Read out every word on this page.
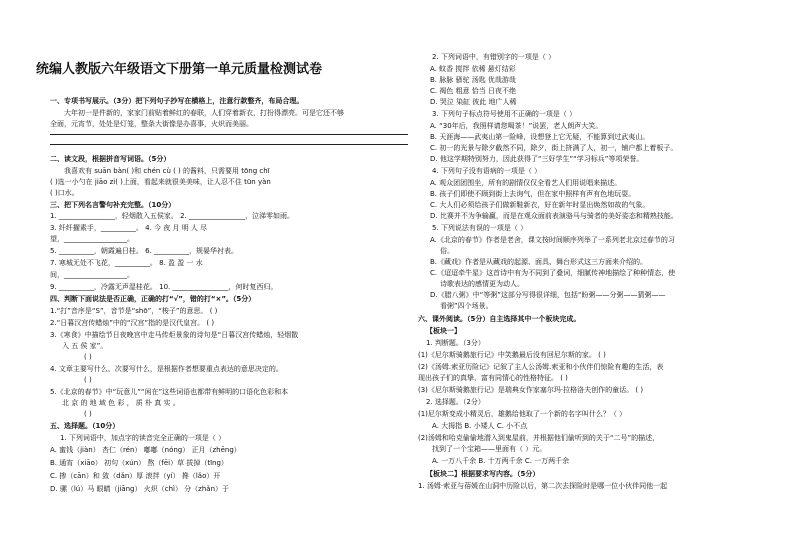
统编人教版六年级语文下册第一单元质量检测试卷
一、专项书写展示。（3分）把下列句子抄写在横格上，注意行款整齐，布局合理。
大年初一是件新的，家家门前贴着鲜红的春联，人们穿着新衣，打扮得漂亮。可是它还不够
全面，元宵节，处处是灯笼，整条大街像是办喜事，火炽而美丽。
二、读文段，根据拼音写词语。（5分）
我喜欢有 suān bàn( )和 chén cù ( ) 的酱料，只需要用 tōng chī
( )选一小勺在 jiāo zi( )上面，看起来就很美美味，让人忍不住 tūn yàn
( )口水。
三、把下列名言警句补充完整。（10分）
1. ________________，轻烟散入五侯家。 2. ________________，泣涕零如雨。
3. 纤纤擢素手，__________。 4. 今 夜 月 明 人 尽
望，__________________。
5. __________，朝霞遍日桂。 6. __________，规晏华衬表。
7. 寒城无处不飞花，__________。 8. 盈 盈 一 水
间，__________________。
9. __________，冷露无声湿桂花。 10. ________________，何时复西归。
四、判断下面说法是否正确，正确的打“√”，错的打“×”。（5分）
1.“打”音序是“S”，音节是“shō”，“梭子”的意思。 ( )
2.“日暮汉宫传蜡烛”中的“汉宫”指的是汉代皇宫。 ( )
3.《寒食》中描绘节日夜晚宫中走马传炬景象的诗句是“日暮汉宫传蜡烛，轻烟散
入 五 侯 家”。
( )
4. 文章主要写什么，次要写什么，是根据作者想要重点表达的意思决定的。
( )
5.《北京的春节》中“玩意儿”“闲在”这些词语也都带有鲜明的口语化色彩和本
北 京 的 地 域 色 彩 ， 质 朴 真 实 。
( )
五、选择题。（10分）
1. 下列词语中，加点字的读音完全正确的一项是（ ）
A. 蜜钱（jiàn） 杏仁（rén） 嘟嘟（nóng） 正月（zhēng）
B. 通宵（xiāo） 初句（xún） 熬（fēi）草 拔掉（tīng）
C. 掺（cān）和 敛（dǎn）厚 滚拌（yí） 搀（lǎo）开
D. 骡（lú）马 眼睛（jiāng） 火炽（chì） 分（zhǎn）于
2. 下列词语中，有错别字的一项是（ ）
A. 蚊香 搅拌 依稀 悬灯结彩
B. 脉脉 骚驼 汤匙 优哉游哉
C. 褐色 粗意 恰当 日夜不绝
D. 哭泣 染缸 彼此 地广人稀
3. 下列句子标点符号使用不正确的一项是（ ）
A. “30年后，我照样请您喝茶！”说罢，老人朗声大笑。
B. 天涯海——武夷山第一险峰，设想登上它无疑，不能算到过武夷山。
C. 初一的光景与除夕截然不同，除夕，街上挤满了人，初一，铺户都上着板子。
D. 他这学期特别努力，因此获得了“三好学生”“学习标兵”等项荣誉。
4. 下列句子没有语病的一项是（ ）
A. 观众团团围坐，所有的剧情仅仅全看艺人们用说唱来描述。
B. 孩子们即使不顾到街上去询气，但在家中照样有声有色地玩耍。
C. 大人们必须给孩子们做新鞋新衣，好在新年时显出焕然如故的气象。
D. 比赛并不为争输赢，而是在观众面前表演骆马与骑者的美好姿态和精熟技能。
5. 下列说法有误的一项是（ ）
A.《北京的春节》作者是老舍，课文按时间顺序列举了一系列老北京过春节的习
俗。
B.《藏戏》作者是从藏戏的起源、面具、舞台形式这三方面来介绍的。
C.《迢迢牵牛星》这首诗中有为不同到了叠词，细腻传神地描绘了种种情态，使
诗歌表达的感情更为动人。
D.《腊八粥》中“等粥”这部分写得很详细，包括“盼粥——分粥——猜粥——
看粥”四个场景。
六、课外阅读。（5分）自主选择其中一个板块完成。
【板块一】
1. 判断题。（3分）
(1)《尼尔斯骑鹅旅行记》中笑鹅最后没有回尼尔斯的家。 ( )
(2)《汤姆.索亚历险记》记叙了主人公汤姆.索亚和小伙伴们惊险有趣的生活，表
现出孩子们的真挚、富有同情心的性格特征。 ( )
(3)《尼尔斯骑鹅旅行记》是瑞典女作家塞尔玛·拉格洛夫创作的童话。 ( )
2. 选择题。（2分）
(1)尼尔斯变成小精灵后，雄鹅给他取了一个新的名字叫什么？（ ）
A. 大拇指 B. 小矮人 C. 小不点
(2)汤姆和哈克偷偷地潜入到鬼屋前，并根据他们偷听到的关于“二号”的描述，
找到了一个宝箱——里面有（ ）元。
A. 一万八千余 B. 十万两千余 C. 一万两千余
【板块二】根据要求写内容。（5分）
1. 汤姆·索亚与蓓媛在山洞中历险以后，第二次去探险时是哪一位小伙伴同他一起
